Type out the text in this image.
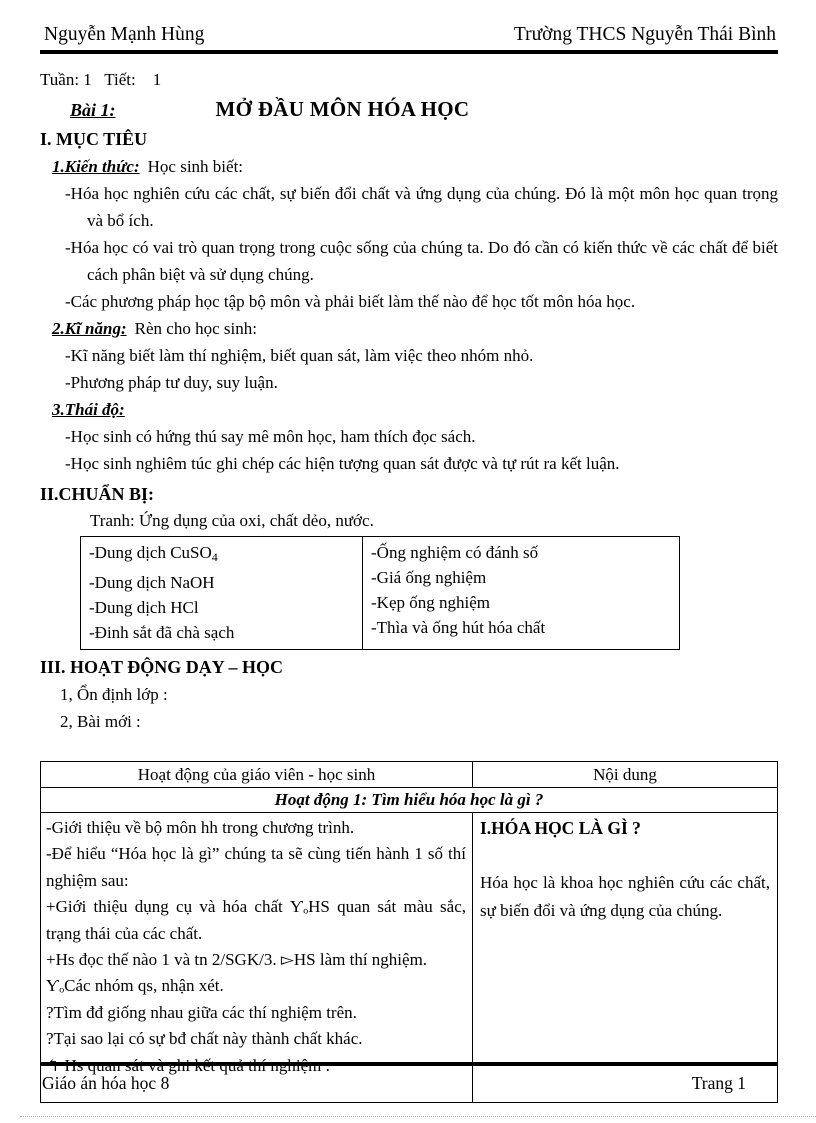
Nguyễn Mạnh Hùng	Trường THCS Nguyễn Thái Bình
Tuần: 1   Tiết:    1
Bài 1:	MỞ ĐẦU MÔN HÓA HỌC
I. MỤC TIÊU
1.Kiến thức: Học sinh biết:
-Hóa học nghiên cứu các chất, sự biến đổi chất và ứng dụng của chúng. Đó là một môn học quan trọng và bổ ích.
-Hóa học có vai trò quan trọng trong cuộc sống của chúng ta. Do đó cần có kiến thức về các chất để biết cách phân biệt và sử dụng chúng.
-Các phương pháp học tập bộ môn và phải biết làm thế nào để học tốt môn hóa học.
2.Kĩ năng: Rèn cho học sinh:
-Kĩ năng biết làm thí nghiệm, biết quan sát, làm việc theo nhóm nhỏ.
-Phương pháp tư duy, suy luận.
3.Thái độ:
-Học sinh có hứng thú say mê môn học, ham thích đọc sách.
-Học sinh nghiêm túc ghi chép các hiện tượng quan sát được và tự rút ra kết luận.
II.CHUẨN BỊ:
Tranh: Ứng dụng của oxi, chất dẻo, nước.
-Dung dịch CuSO4
-Dung dịch NaOH
-Dung dịch HCl
-Đinh sắt đã chà sạch
-Ống nghiệm có đánh số
-Giá ống nghiệm
-Kẹp ống nghiệm
-Thìa và ống hút hóa chất
III. HOẠT ĐỘNG DẠY – HỌC
1, Ổn định lớp :
2, Bài mới :
Hoạt động của giáo viên - học sinh	Nội dung
Hoạt động 1: Tìm hiểu hóa học là gì ?	

-Giới thiệu về bộ môn hh trong chương trình.
-Để hiểu “Hóa học là gì” chúng ta sẽ cùng tiến hành 1 số thí nghiệm sau:
+Giới thiệu dụng cụ và hóa chất ƳₒHS quan sát màu sắc, trạng thái của các chất.
+Hs đọc thế nào 1 và tn 2/SGK/3. ▻HS làm thí nghiệm.
ƳₒCác nhóm qs, nhận xét.
?Tìm đđ giống nhau giữa các thí nghiệm trên.
?Tại sao lại có sự bđ chất này thành chất khác.
↰ Hs quan sát và ghi kết quả thí nghiệm .

I.HÓA HỌC LÀ GÌ ?
Hóa học là khoa học nghiên cứu các chất, sự biến đổi và ứng dụng của chúng.
Giáo án hóa học 8	Trang 1
